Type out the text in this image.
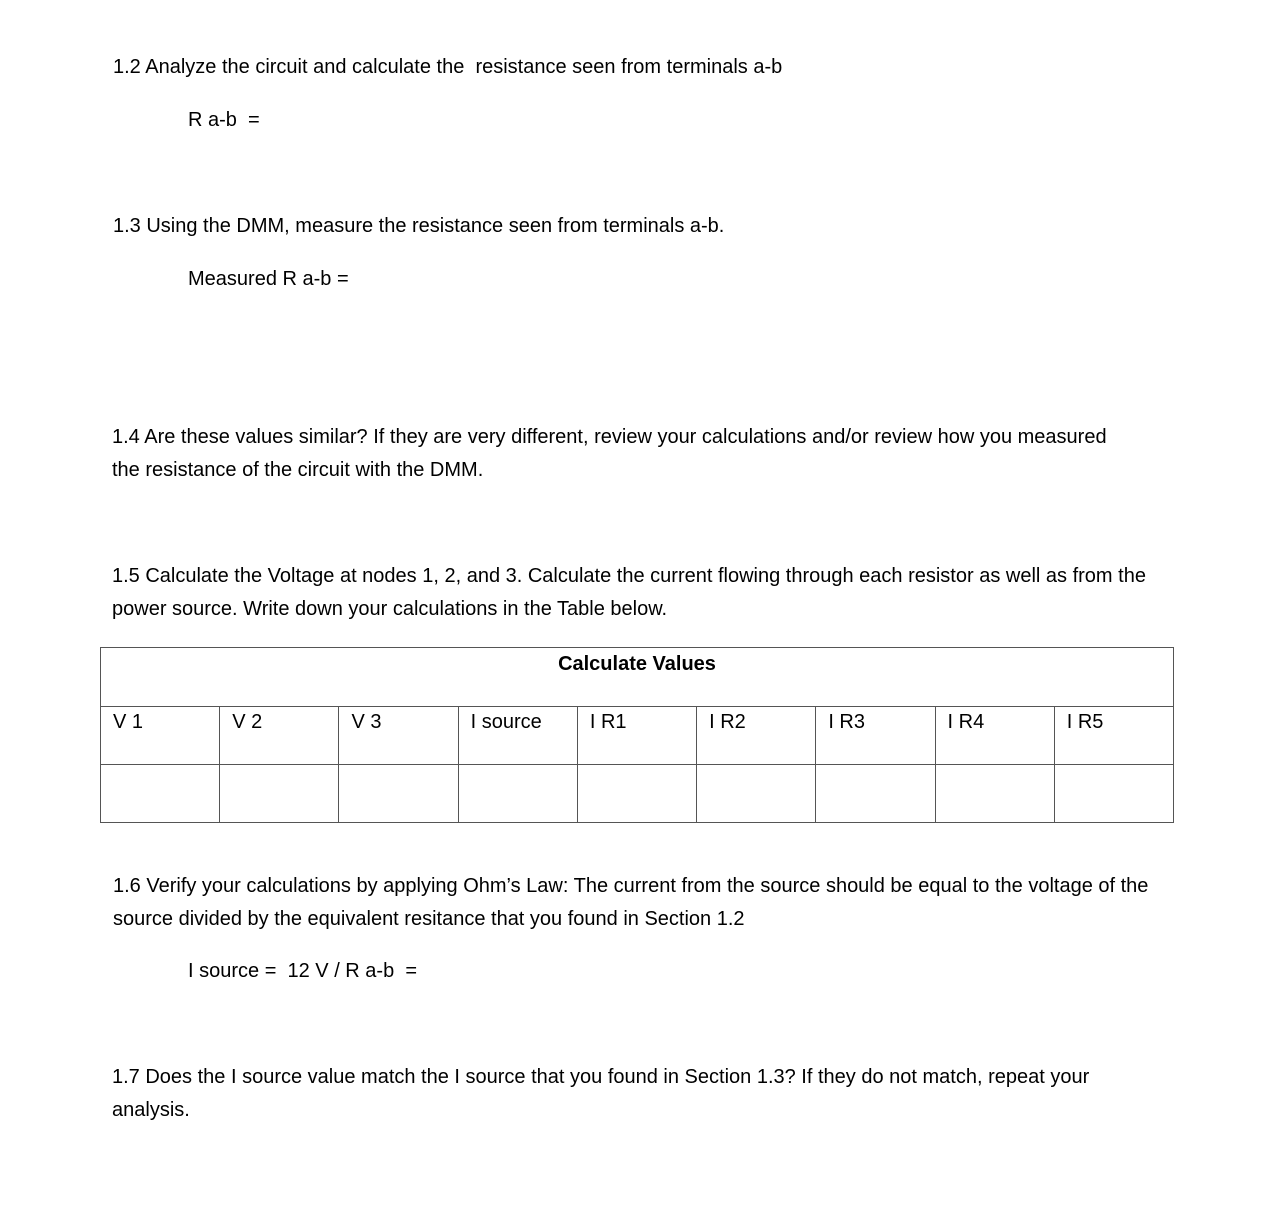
1.2 Analyze the circuit and calculate the  resistance seen from terminals a-b
R a-b  =
1.3 Using the DMM, measure the resistance seen from terminals a-b.
Measured R a-b =
1.4 Are these values similar? If they are very different, review your calculations and/or review how you measured the resistance of the circuit with the DMM.
1.5 Calculate the Voltage at nodes 1, 2, and 3. Calculate the current flowing through each resistor as well as from the power source. Write down your calculations in the Table below.
Calculate Values								
V 1	V 2	V 3	I source	I R1	I R2	I R3	I R4	I R5

1.6 Verify your calculations by applying Ohm’s Law: The current from the source should be equal to the voltage of the source divided by the equivalent resitance that you found in Section 1.2
I source =  12 V / R a-b  =
1.7 Does the I source value match the I source that you found in Section 1.3? If they do not match, repeat your analysis.
